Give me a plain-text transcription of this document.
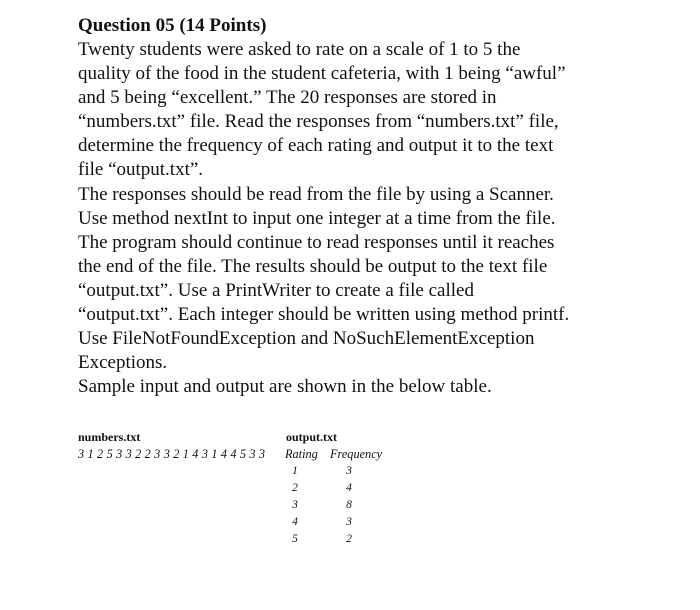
Question 05 (14 Points)

Twenty students were asked to rate on a scale of 1 to 5 the
quality of the food in the student cafeteria, with 1 being “awful”
and 5 being “excellent.” The 20 responses are stored in
“numbers.txt” file. Read the responses from “numbers.txt” file,
determine the frequency of each rating and output it to the text
file “output.txt”.

The responses should be read from the file by using a Scanner.
Use method nextInt to input one integer at a time from the file.
The program should continue to read responses until it reaches
the end of the file. The results should be output to the text file
“output.txt”. Use a PrintWriter to create a file called
“output.txt”. Each integer should be written using method printf.
Use FileNotFoundException and NoSuchElementException
Exceptions.

Sample input and output are shown in the below table.

numbers.txt	output.txt
3 1 2 5 3 3 2 2 3 3 2 1 4 3 1 4 4 5 3 3 Rating Frequency
1	3
2	4
3	8
4	3
5	2
